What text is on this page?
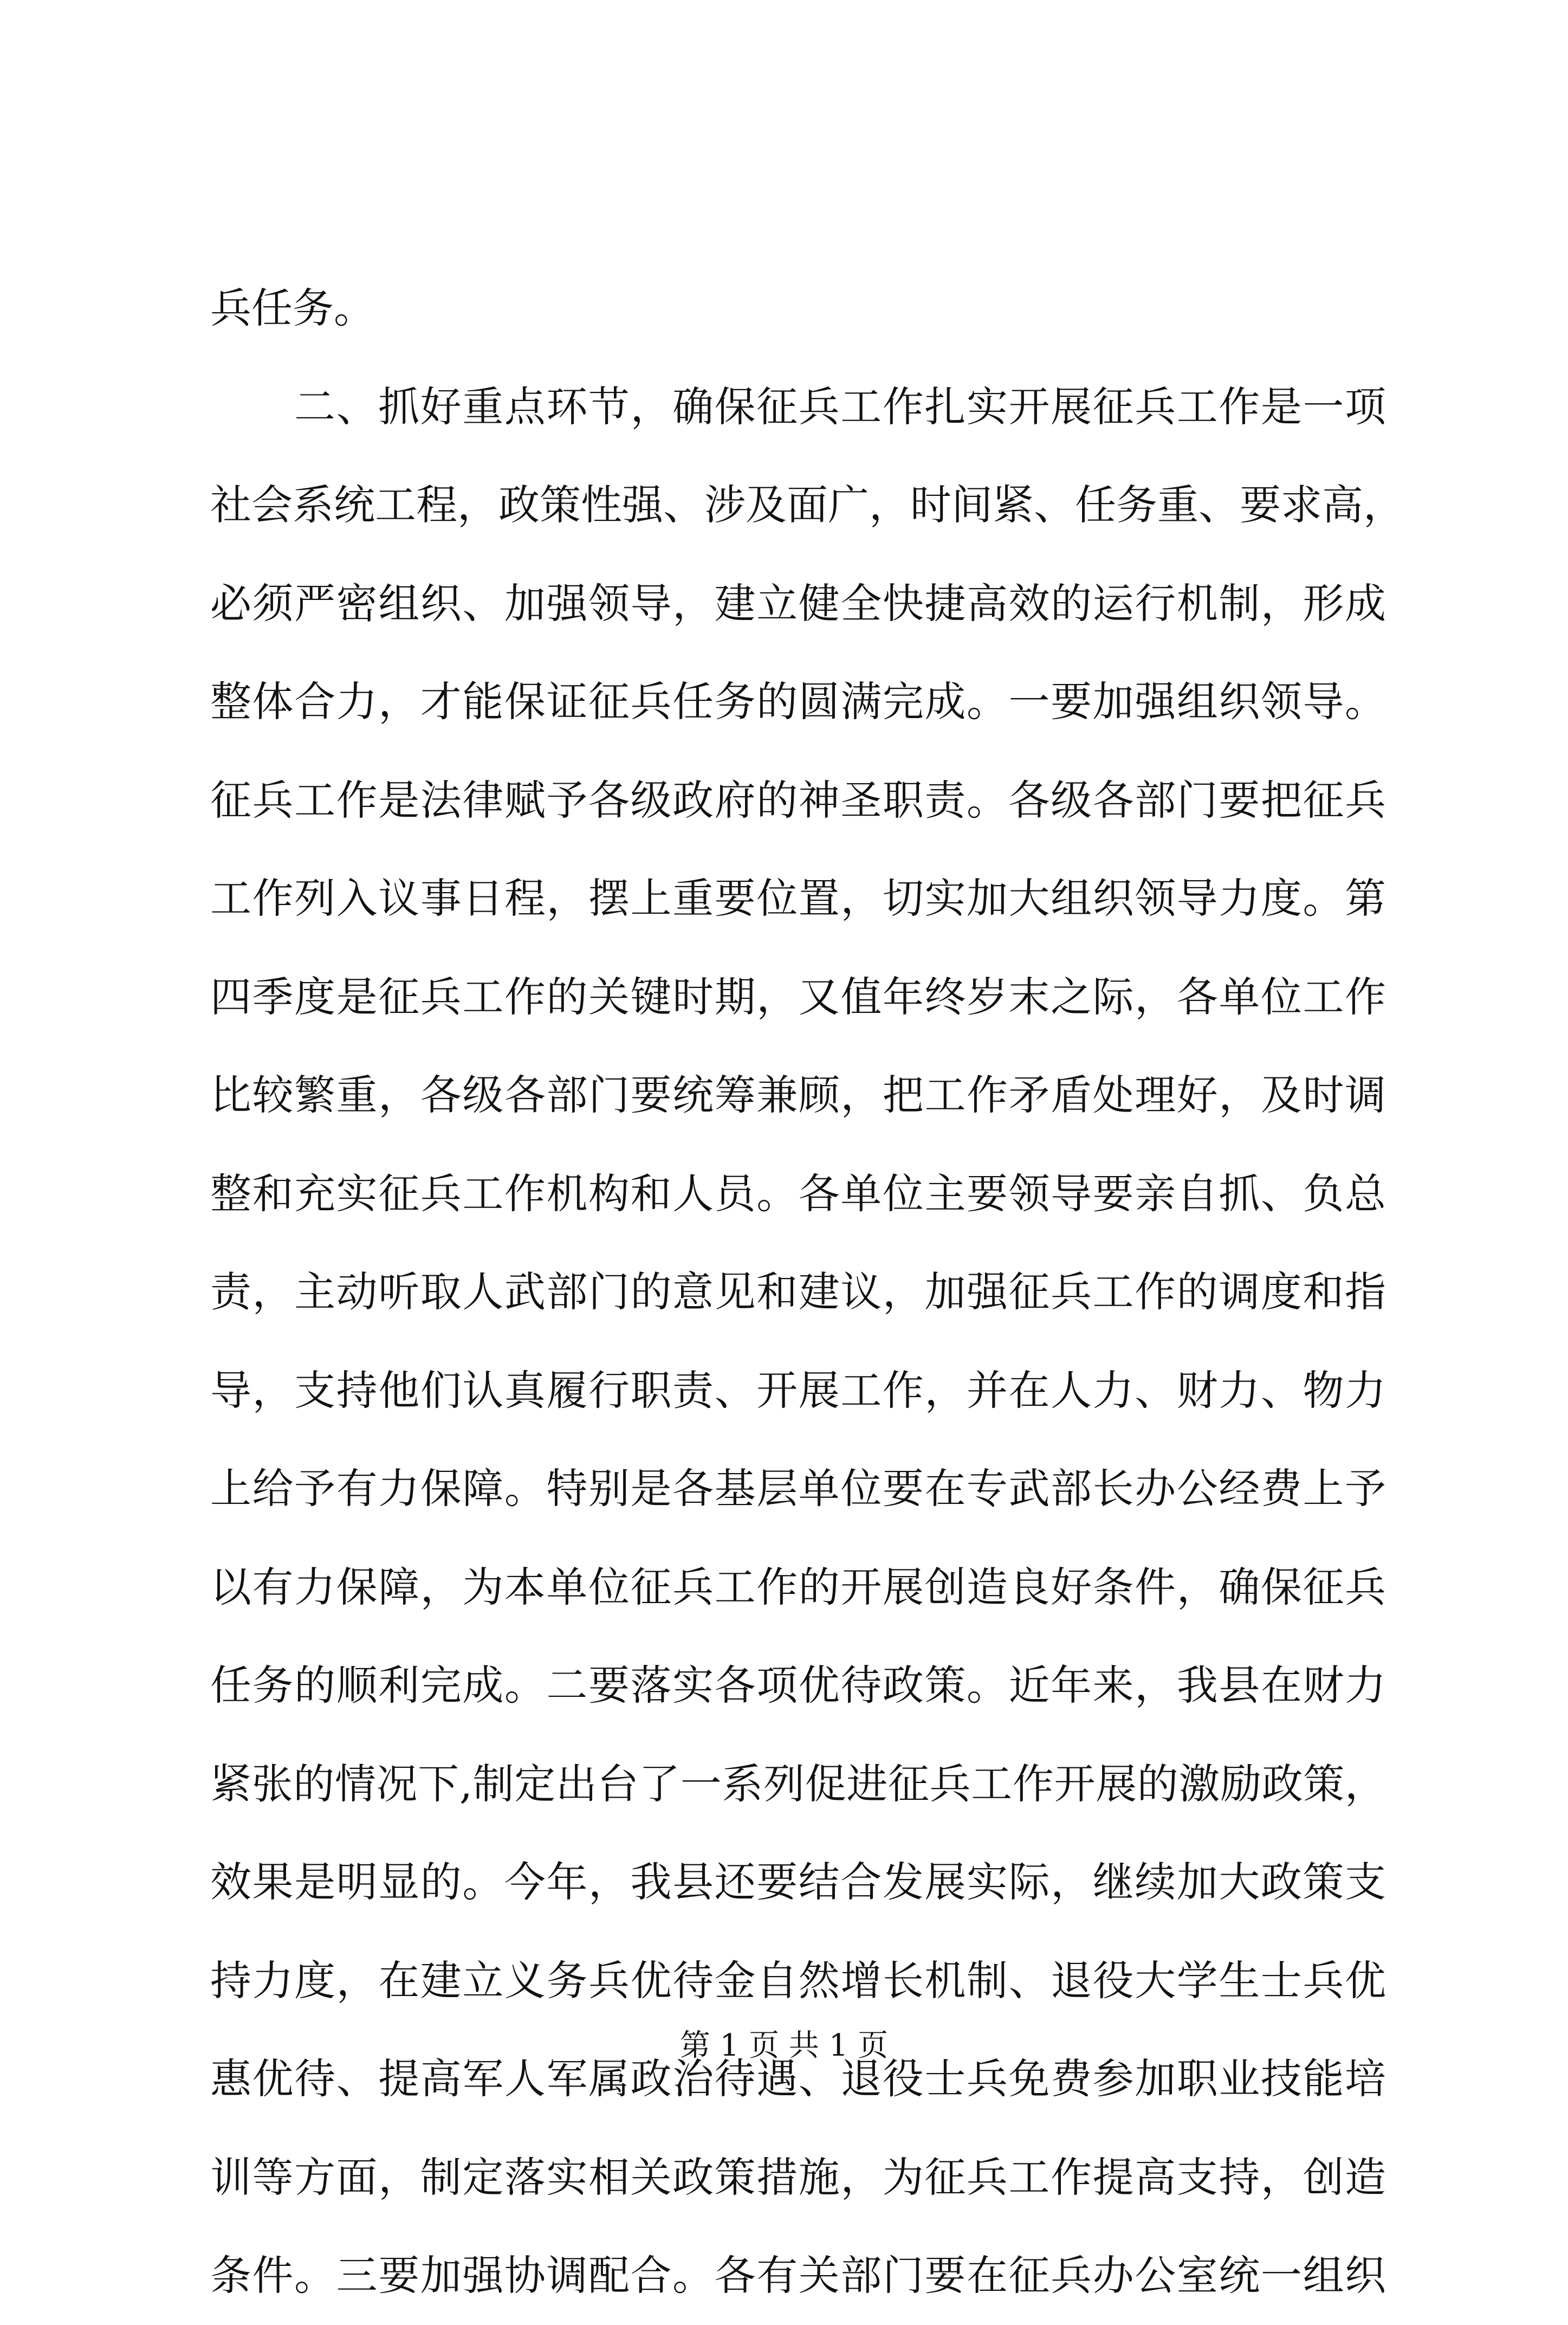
兵任务。
二、抓好重点环节，确保征兵工作扎实开展征兵工作是一项
社会系统工程，政策性强、涉及面广，时间紧、任务重、要求高，
必须严密组织、加强领导，建立健全快捷高效的运行机制，形成
整体合力，才能保证征兵任务的圆满完成。一要加强组织领导。
征兵工作是法律赋予各级政府的神圣职责。各级各部门要把征兵
工作列入议事日程，摆上重要位置，切实加大组织领导力度。第
四季度是征兵工作的关键时期，又值年终岁末之际，各单位工作
比较繁重，各级各部门要统筹兼顾，把工作矛盾处理好，及时调
整和充实征兵工作机构和人员。各单位主要领导要亲自抓、负总
责，主动听取人武部门的意见和建议，加强征兵工作的调度和指
导，支持他们认真履行职责、开展工作，并在人力、财力、物力
上给予有力保障。特别是各基层单位要在专武部长办公经费上予
以有力保障，为本单位征兵工作的开展创造良好条件，确保征兵
任务的顺利完成。二要落实各项优待政策。近年来，我县在财力
紧张的情况下,制定出台了一系列促进征兵工作开展的激励政策，
效果是明显的。今年，我县还要结合发展实际，继续加大政策支
持力度，在建立义务兵优待金自然增长机制、退役大学生士兵优
惠优待、提高军人军属政治待遇、退役士兵免费参加职业技能培
训等方面，制定落实相关政策措施，为征兵工作提高支持，创造
条件。三要加强协调配合。各有关部门要在征兵办公室统一组织
第 1 页 共 1 页
